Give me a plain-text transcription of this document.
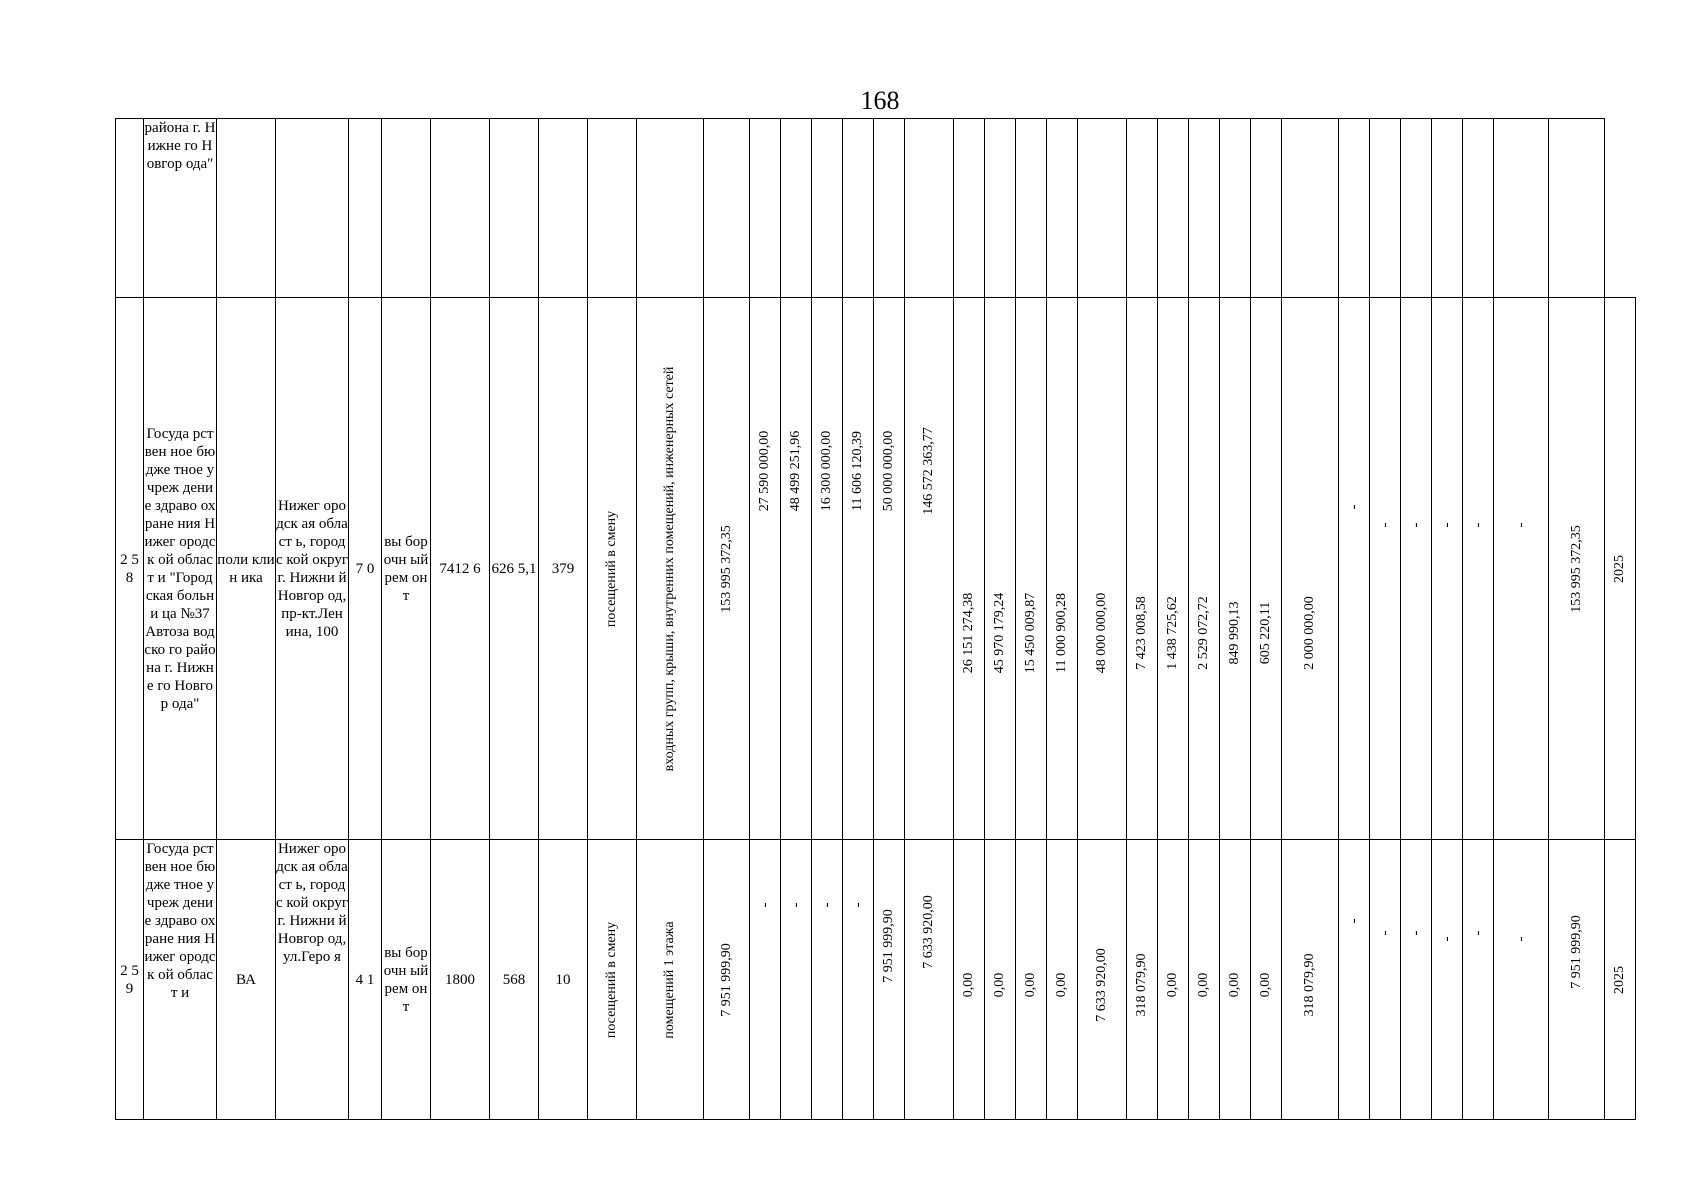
168
	района г. Нижне го Новгор ода"																																			
2 5 8	Госуда рствен ное бюдже тное учреж дение здраво охране ния Нижег ородск ой област и "Город ская больни ца №37 Автоза водско го района г. Нижне го Новгор ода"	поли клин ика	Нижег ородск ая област ь, городс кой округ г. Нижни й Новгор од, пр-кт.Лен ина, 100	7 0	вы бор очн ый рем онт	7412 6	626 5,1	379	посещений в смену	входных групп, крыши, внутренних помещений, инженерных сетей	153 995 372,35	27 590 000,00	48 499 251,96	16 300 000,00	11 606 120,39	50 000 000,00	146 572 363,77	26 151 274,38	45 970 179,24	15 450 009,87	11 000 900,28	48 000 000,00	7 423 008,58	1 438 725,62	2 529 072,72	849 990,13	605 220,11	2 000 000,00	-	-	-	-	-	-	153 995 372,35	2025

2 5 9	Госуда рствен ное бюдже тное учреж дение здраво охране ния Нижег ородск ой област и	ВА	Нижег ородск ая област ь, городс кой округ г. Нижни й Новгор од, ул.Геро я	4 1	вы бор очн ый рем онт	1800	568	10	посещений в смену	помещений 1 этажа	7 951 999,90	-	-	-	-	7 951 999,90	7 633 920,00	0,00	0,00	0,00	0,00	7 633 920,00	318 079,90	0,00	0,00	0,00	0,00	318 079,90	-	-	-	-	-	-	7 951 999,90	2025
